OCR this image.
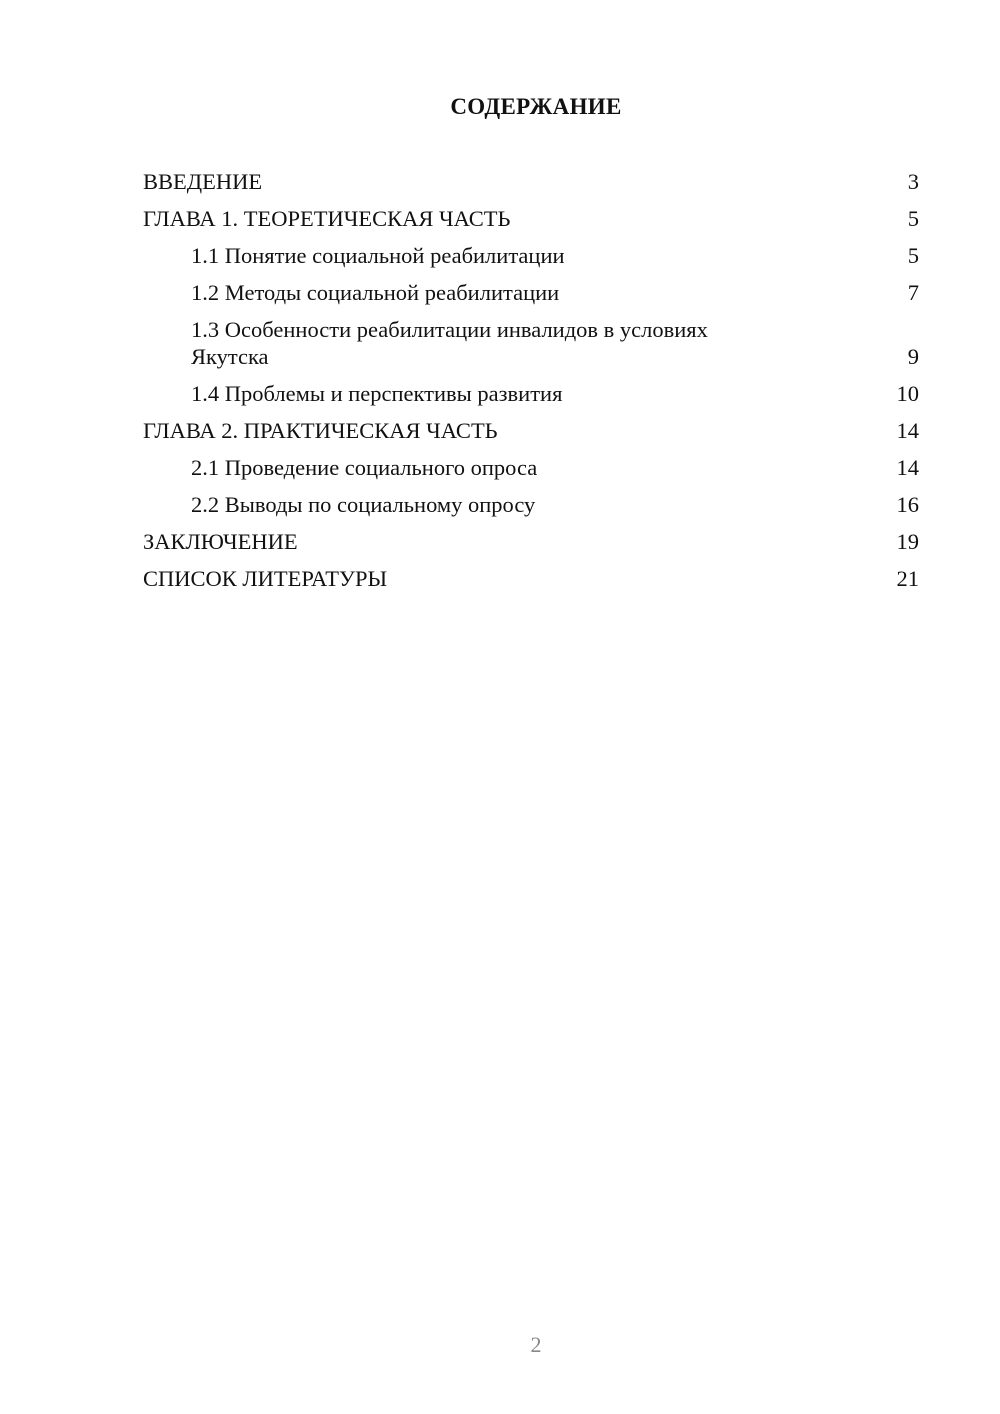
СОДЕРЖАНИЕ
ВВЕДЕНИЕ	3
ГЛАВА 1. ТЕОРЕТИЧЕСКАЯ ЧАСТЬ	5
1.1 Понятие социальной реабилитации	5
1.2 Методы социальной реабилитации	7
1.3 Особенности реабилитации инвалидов в условиях Якутска	9
1.4 Проблемы и перспективы развития	10
ГЛАВА 2. ПРАКТИЧЕСКАЯ ЧАСТЬ	14
2.1 Проведение социального опроса	14
2.2 Выводы по социальному опросу	16
ЗАКЛЮЧЕНИЕ	19
СПИСОК ЛИТЕРАТУРЫ	21
2
